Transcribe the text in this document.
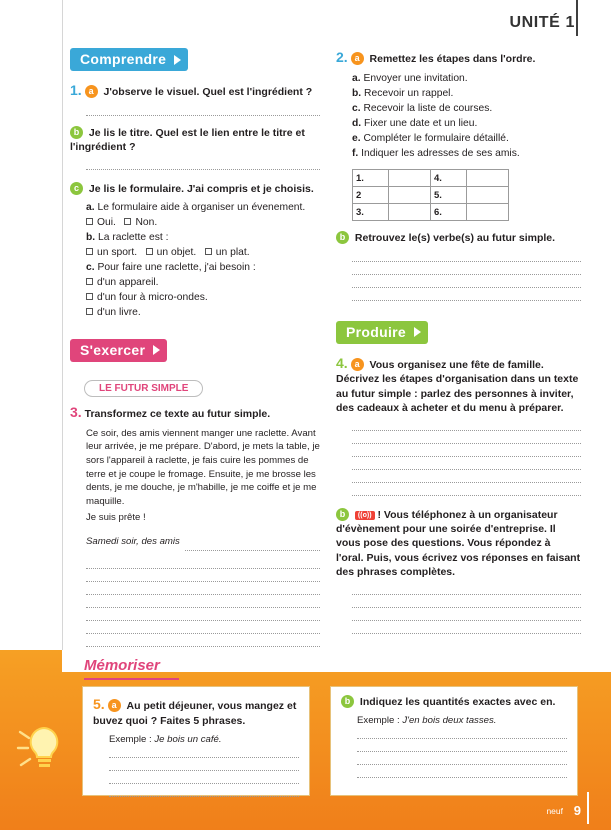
UNITÉ 1
Comprendre
1. a J'observe le visuel. Quel est l'ingrédient ?
b Je lis le titre. Quel est le lien entre le titre et l'ingrédient ?
c Je lis le formulaire. J'ai compris et je choisis.
a. Le formulaire aide à organiser un évenement.
Oui. Non.
b. La raclette est :
un sport. un objet. un plat.
c. Pour faire une raclette, j'ai besoin :
d'un appareil.
d'un four à micro-ondes.
d'un livre.
S'exercer
LE FUTUR SIMPLE
3. Transformez ce texte au futur simple.
Ce soir, des amis viennent manger une raclette. Avant leur arrivée, je me prépare. D'abord, je mets la table, je sors l'appareil à raclette, je fais cuire les pommes de terre et je coupe le fromage. Ensuite, je me brosse les dents, je me douche, je m'habille, je me coiffe et je me maquille.
Je suis prête !
Samedi soir, des amis
2. a Remettez les étapes dans l'ordre.
a. Envoyer une invitation.
b. Recevoir un rappel.
c. Recevoir la liste de courses.
d. Fixer une date et un lieu.
e. Compléter le formulaire détaillé.
f. Indiquer les adresses de ses amis.
1.		4.	
2		5.	
3.		6.	
b Retrouvez le(s) verbe(s) au futur simple.
Produire
4. a Vous organisez une fête de famille. Décrivez les étapes d'organisation dans un texte au futur simple : parlez des personnes à inviter, des cadeaux à acheter et du menu à préparer.
b ((o)) ! Vous téléphonez à un organisateur d'évènement pour une soirée d'entreprise. Il vous pose des questions. Vous répondez à l'oral. Puis, vous écrivez vos réponses en faisant des phrases complètes.
Mémoriser
5. a Au petit déjeuner, vous mangez et buvez quoi ? Faites 5 phrases.
Exemple : Je bois un café.
b Indiquez les quantités exactes avec en.
Exemple : J'en bois deux tasses.
neuf 9
